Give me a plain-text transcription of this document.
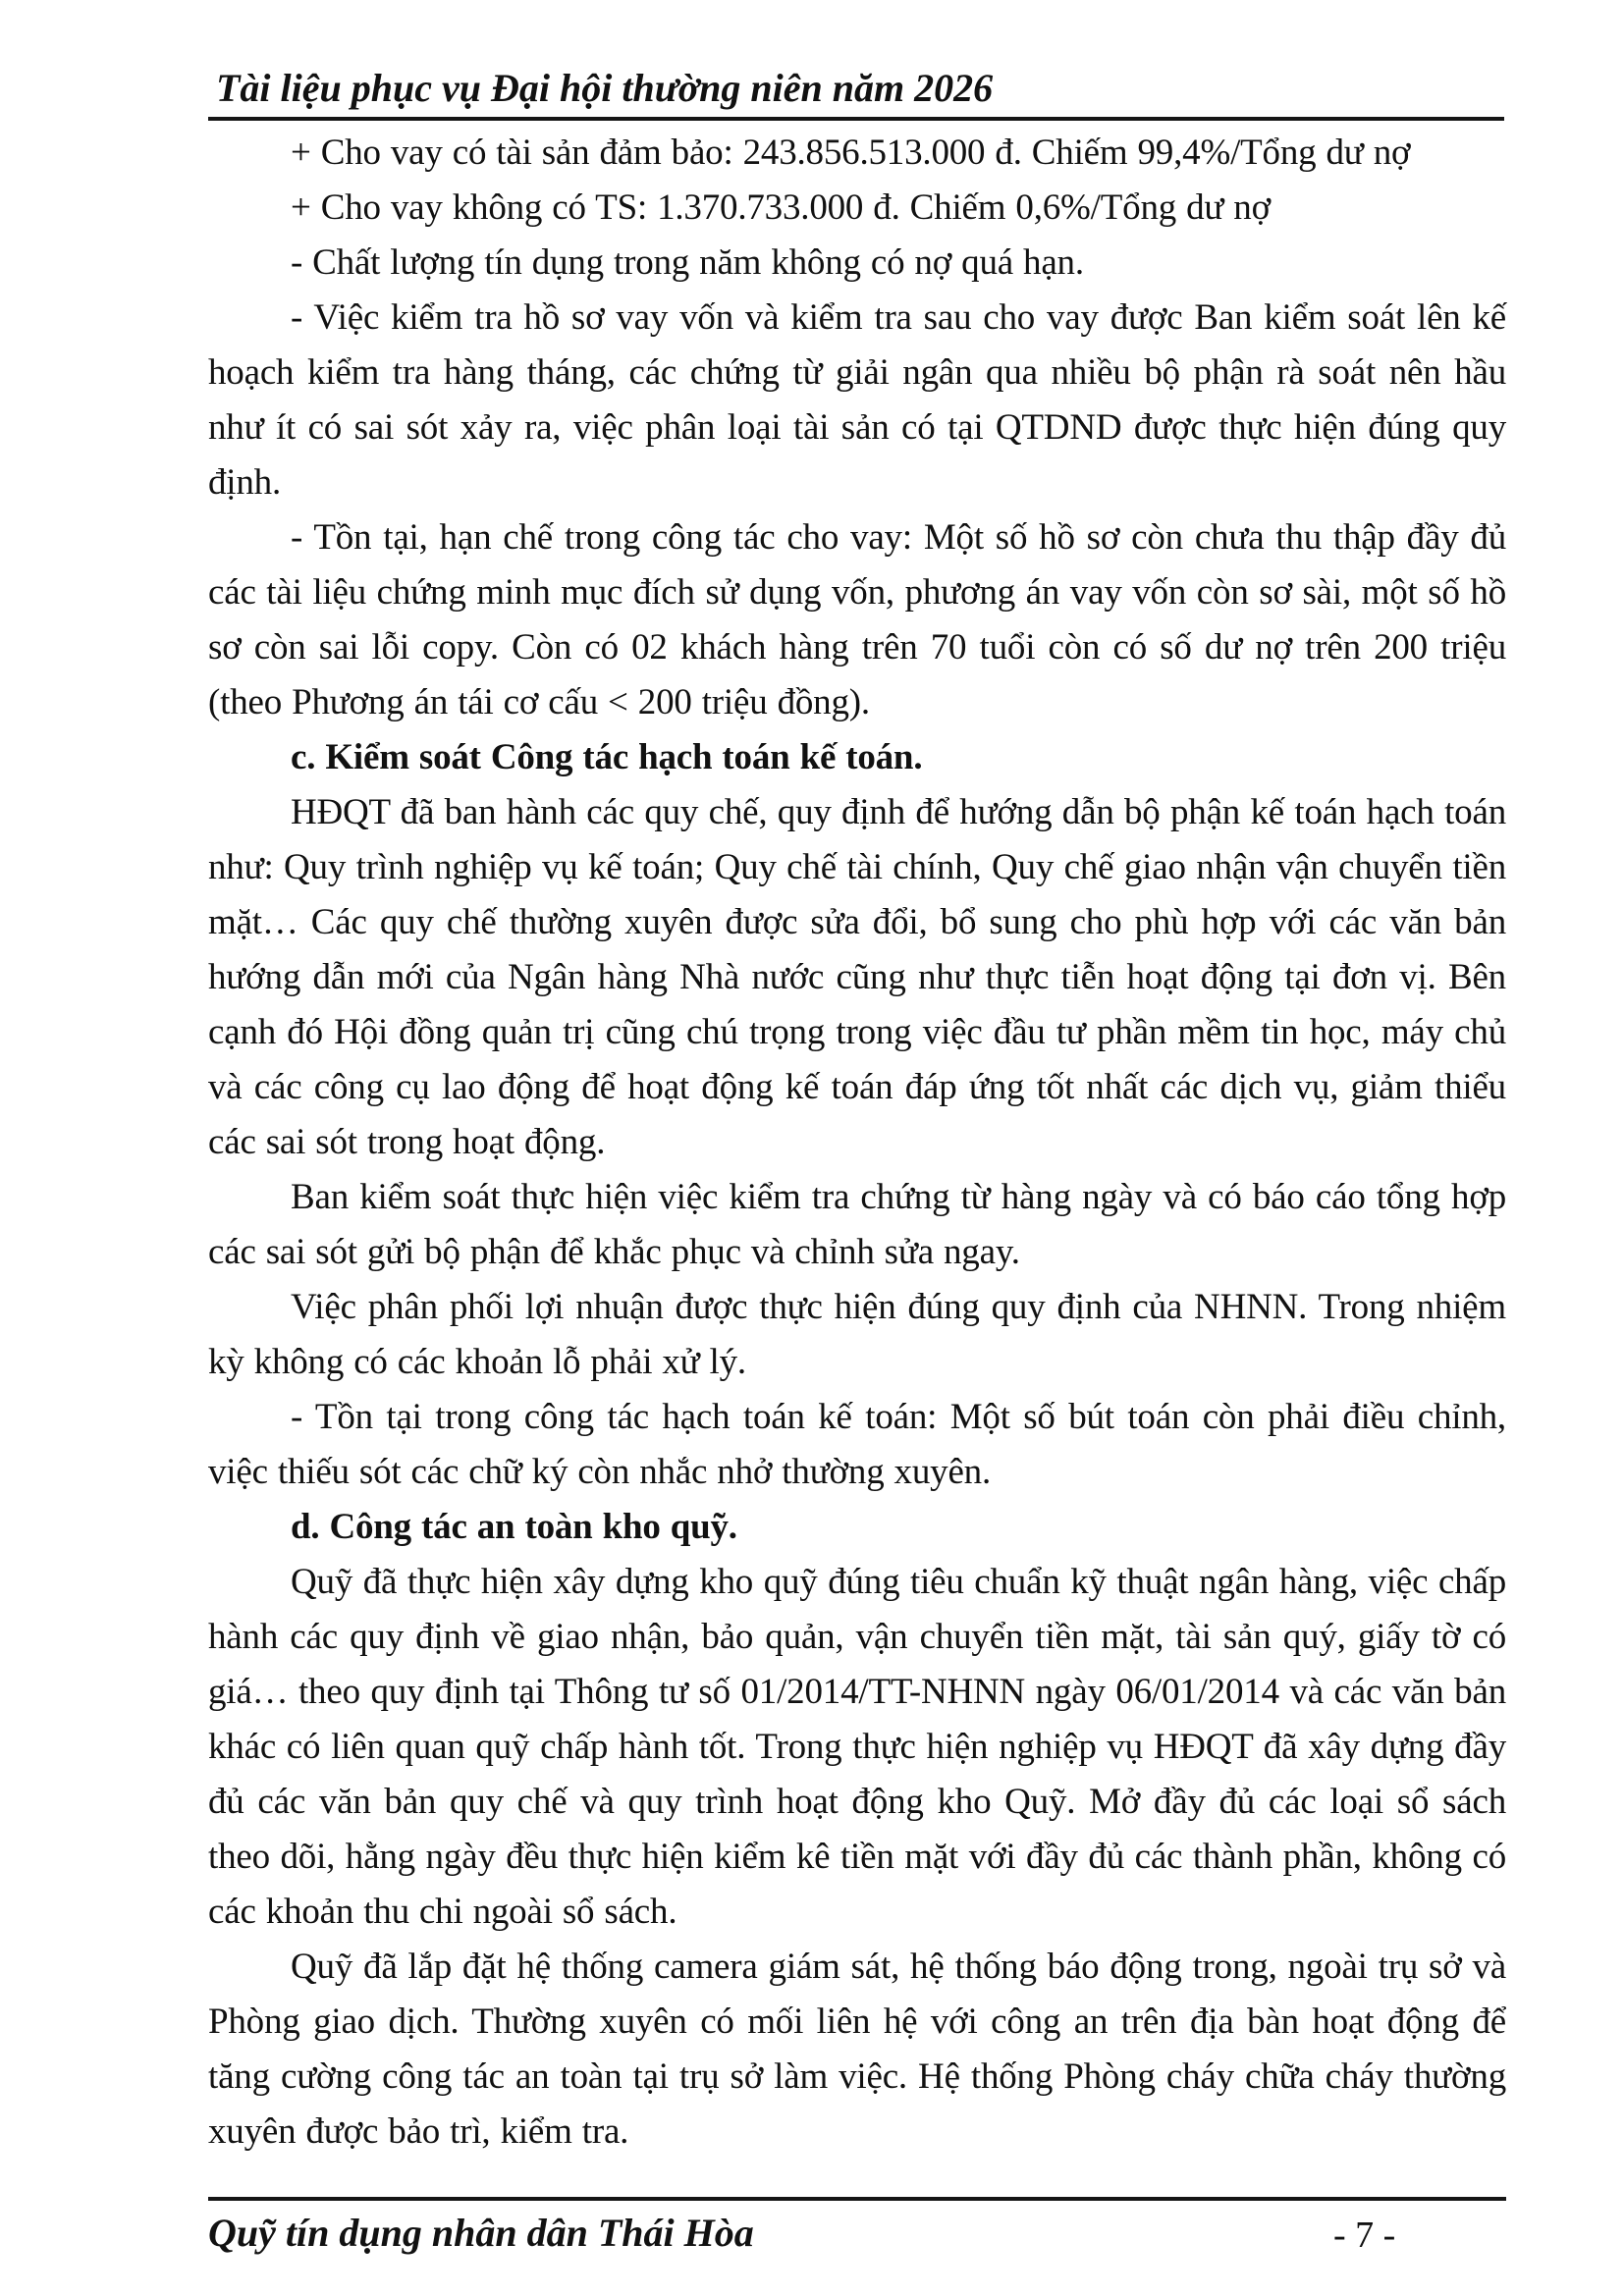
Tài liệu phục vụ Đại hội thường niên năm 2026

+ Cho vay có tài sản đảm bảo: 243.856.513.000 đ. Chiếm 99,4%/Tổng dư nợ

+ Cho vay không có TS: 1.370.733.000 đ. Chiếm 0,6%/Tổng dư nợ

- Chất lượng tín dụng trong năm không có nợ quá hạn.

- Việc kiểm tra hồ sơ vay vốn và kiểm tra sau cho vay được Ban kiểm soát lên kế hoạch kiểm tra hàng tháng, các chứng từ giải ngân qua nhiều bộ phận rà soát nên hầu như ít có sai sót xảy ra, việc phân loại tài sản có tại QTDND được thực hiện đúng quy định.

- Tồn tại, hạn chế trong công tác cho vay: Một số hồ sơ còn chưa thu thập đầy đủ các tài liệu chứng minh mục đích sử dụng vốn, phương án vay vốn còn sơ sài, một số hồ sơ còn sai lỗi copy. Còn có 02 khách hàng trên 70 tuổi còn có số dư nợ trên 200 triệu (theo Phương án tái cơ cấu < 200 triệu đồng).

c. Kiểm soát Công tác hạch toán kế toán.

HĐQT đã ban hành các quy chế, quy định để hướng dẫn bộ phận kế toán hạch toán như: Quy trình nghiệp vụ kế toán; Quy chế tài chính, Quy chế giao nhận vận chuyển tiền mặt… Các quy chế thường xuyên được sửa đổi, bổ sung cho phù hợp với các văn bản hướng dẫn mới của Ngân hàng Nhà nước cũng như thực tiễn hoạt động tại đơn vị. Bên cạnh đó Hội đồng quản trị cũng chú trọng trong việc đầu tư phần mềm tin học, máy chủ và các công cụ lao động để hoạt động kế toán đáp ứng tốt nhất các dịch vụ, giảm thiểu các sai sót trong hoạt động.

Ban kiểm soát thực hiện việc kiểm tra chứng từ hàng ngày và có báo cáo tổng hợp các sai sót gửi bộ phận để khắc phục và chỉnh sửa ngay.

Việc phân phối lợi nhuận được thực hiện đúng quy định của NHNN. Trong nhiệm kỳ không có các khoản lỗ phải xử lý.

- Tồn tại trong công tác hạch toán kế toán: Một số bút toán còn phải điều chỉnh, việc thiếu sót các chữ ký còn nhắc nhở thường xuyên.

d. Công tác an toàn kho quỹ.

Quỹ đã thực hiện xây dựng kho quỹ đúng tiêu chuẩn kỹ thuật ngân hàng, việc chấp hành các quy định về giao nhận, bảo quản, vận chuyển tiền mặt, tài sản quý, giấy tờ có giá… theo quy định tại Thông tư số 01/2014/TT-NHNN ngày 06/01/2014 và các văn bản khác có liên quan quỹ chấp hành tốt. Trong thực hiện nghiệp vụ HĐQT đã xây dựng đầy đủ các văn bản quy chế và quy trình hoạt động kho Quỹ. Mở đầy đủ các loại sổ sách theo dõi, hằng ngày đều thực hiện kiểm kê tiền mặt với đầy đủ các thành phần, không có các khoản thu chi ngoài sổ sách.

Quỹ đã lắp đặt hệ thống camera giám sát, hệ thống báo động trong, ngoài trụ sở và Phòng giao dịch. Thường xuyên có mối liên hệ với công an trên địa bàn hoạt động để tăng cường công tác an toàn tại trụ sở làm việc. Hệ thống Phòng cháy chữa cháy thường xuyên được bảo trì, kiểm tra.

Quỹ tín dụng nhân dân Thái Hòa	- 7 -
